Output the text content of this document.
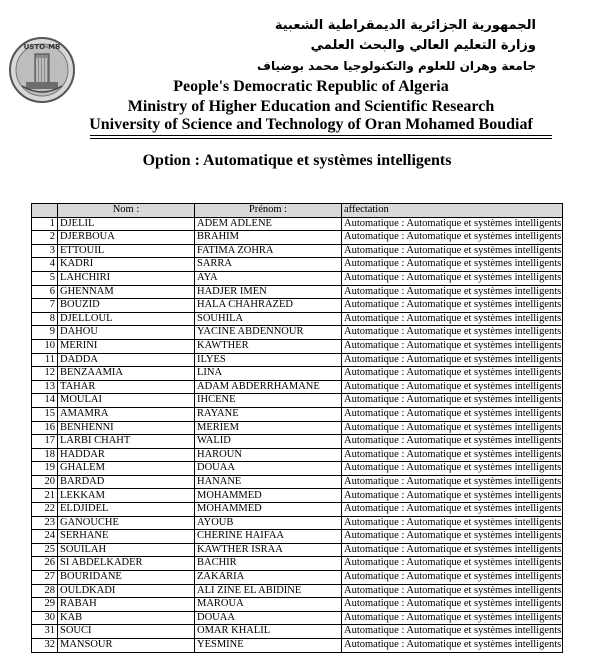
USTO-MB
الجمهورية الجزائرية الديمقراطية الشعبية
وزارة التعليم العالي والبحث العلمي
جامعة وهران للعلوم والتكنولوجيا محمد بوضياف
People's Democratic Republic of Algeria
Ministry of Higher Education and Scientific Research
University of Science and Technology of Oran Mohamed Boudiaf
Option : Automatique et systèmes intelligents
	Nom :	Prénom :	affectation
1	DJELIL	ADEM ADLENE	Automatique : Automatique et systèmes intelligents
2	DJERBOUA	BRAHIM	Automatique : Automatique et systèmes intelligents
3	ETTOUIL	FATIMA ZOHRA	Automatique : Automatique et systèmes intelligents
4	KADRI	SARRA	Automatique : Automatique et systèmes intelligents
5	LAHCHIRI	AYA	Automatique : Automatique et systèmes intelligents
6	GHENNAM	HADJER IMEN	Automatique : Automatique et systèmes intelligents
7	BOUZID	HALA CHAHRAZED	Automatique : Automatique et systèmes intelligents
8	DJELLOUL	SOUHILA	Automatique : Automatique et systèmes intelligents
9	DAHOU	YACINE ABDENNOUR	Automatique : Automatique et systèmes intelligents
10	MERINI	KAWTHER	Automatique : Automatique et systèmes intelligents
11	DADDA	ILYES	Automatique : Automatique et systèmes intelligents
12	BENZAAMIA	LINA	Automatique : Automatique et systèmes intelligents
13	TAHAR	ADAM ABDERRHAMANE	Automatique : Automatique et systèmes intelligents
14	MOULAI	IHCENE	Automatique : Automatique et systèmes intelligents
15	AMAMRA	RAYANE	Automatique : Automatique et systèmes intelligents
16	BENHENNI	MERIEM	Automatique : Automatique et systèmes intelligents
17	LARBI CHAHT	WALID	Automatique : Automatique et systèmes intelligents
18	HADDAR	HAROUN	Automatique : Automatique et systèmes intelligents
19	GHALEM	DOUAA	Automatique : Automatique et systèmes intelligents
20	BARDAD	HANANE	Automatique : Automatique et systèmes intelligents
21	LEKKAM	MOHAMMED	Automatique : Automatique et systèmes intelligents
22	ELDJIDEL	MOHAMMED	Automatique : Automatique et systèmes intelligents
23	GANOUCHE	AYOUB	Automatique : Automatique et systèmes intelligents
24	SERHANE	CHERINE HAIFAA	Automatique : Automatique et systèmes intelligents
25	SOUILAH	KAWTHER ISRAA	Automatique : Automatique et systèmes intelligents
26	SI ABDELKADER	BACHIR	Automatique : Automatique et systèmes intelligents
27	BOURIDANE	ZAKARIA	Automatique : Automatique et systèmes intelligents
28	OULDKADI	ALI ZINE EL ABIDINE	Automatique : Automatique et systèmes intelligents
29	RABAH	MAROUA	Automatique : Automatique et systèmes intelligents
30	KAB	DOUAA	Automatique : Automatique et systèmes intelligents
31	SOUCI	OMAR KHALIL	Automatique : Automatique et systèmes intelligents
32	MANSOUR	YESMINE	Automatique : Automatique et systèmes intelligents
